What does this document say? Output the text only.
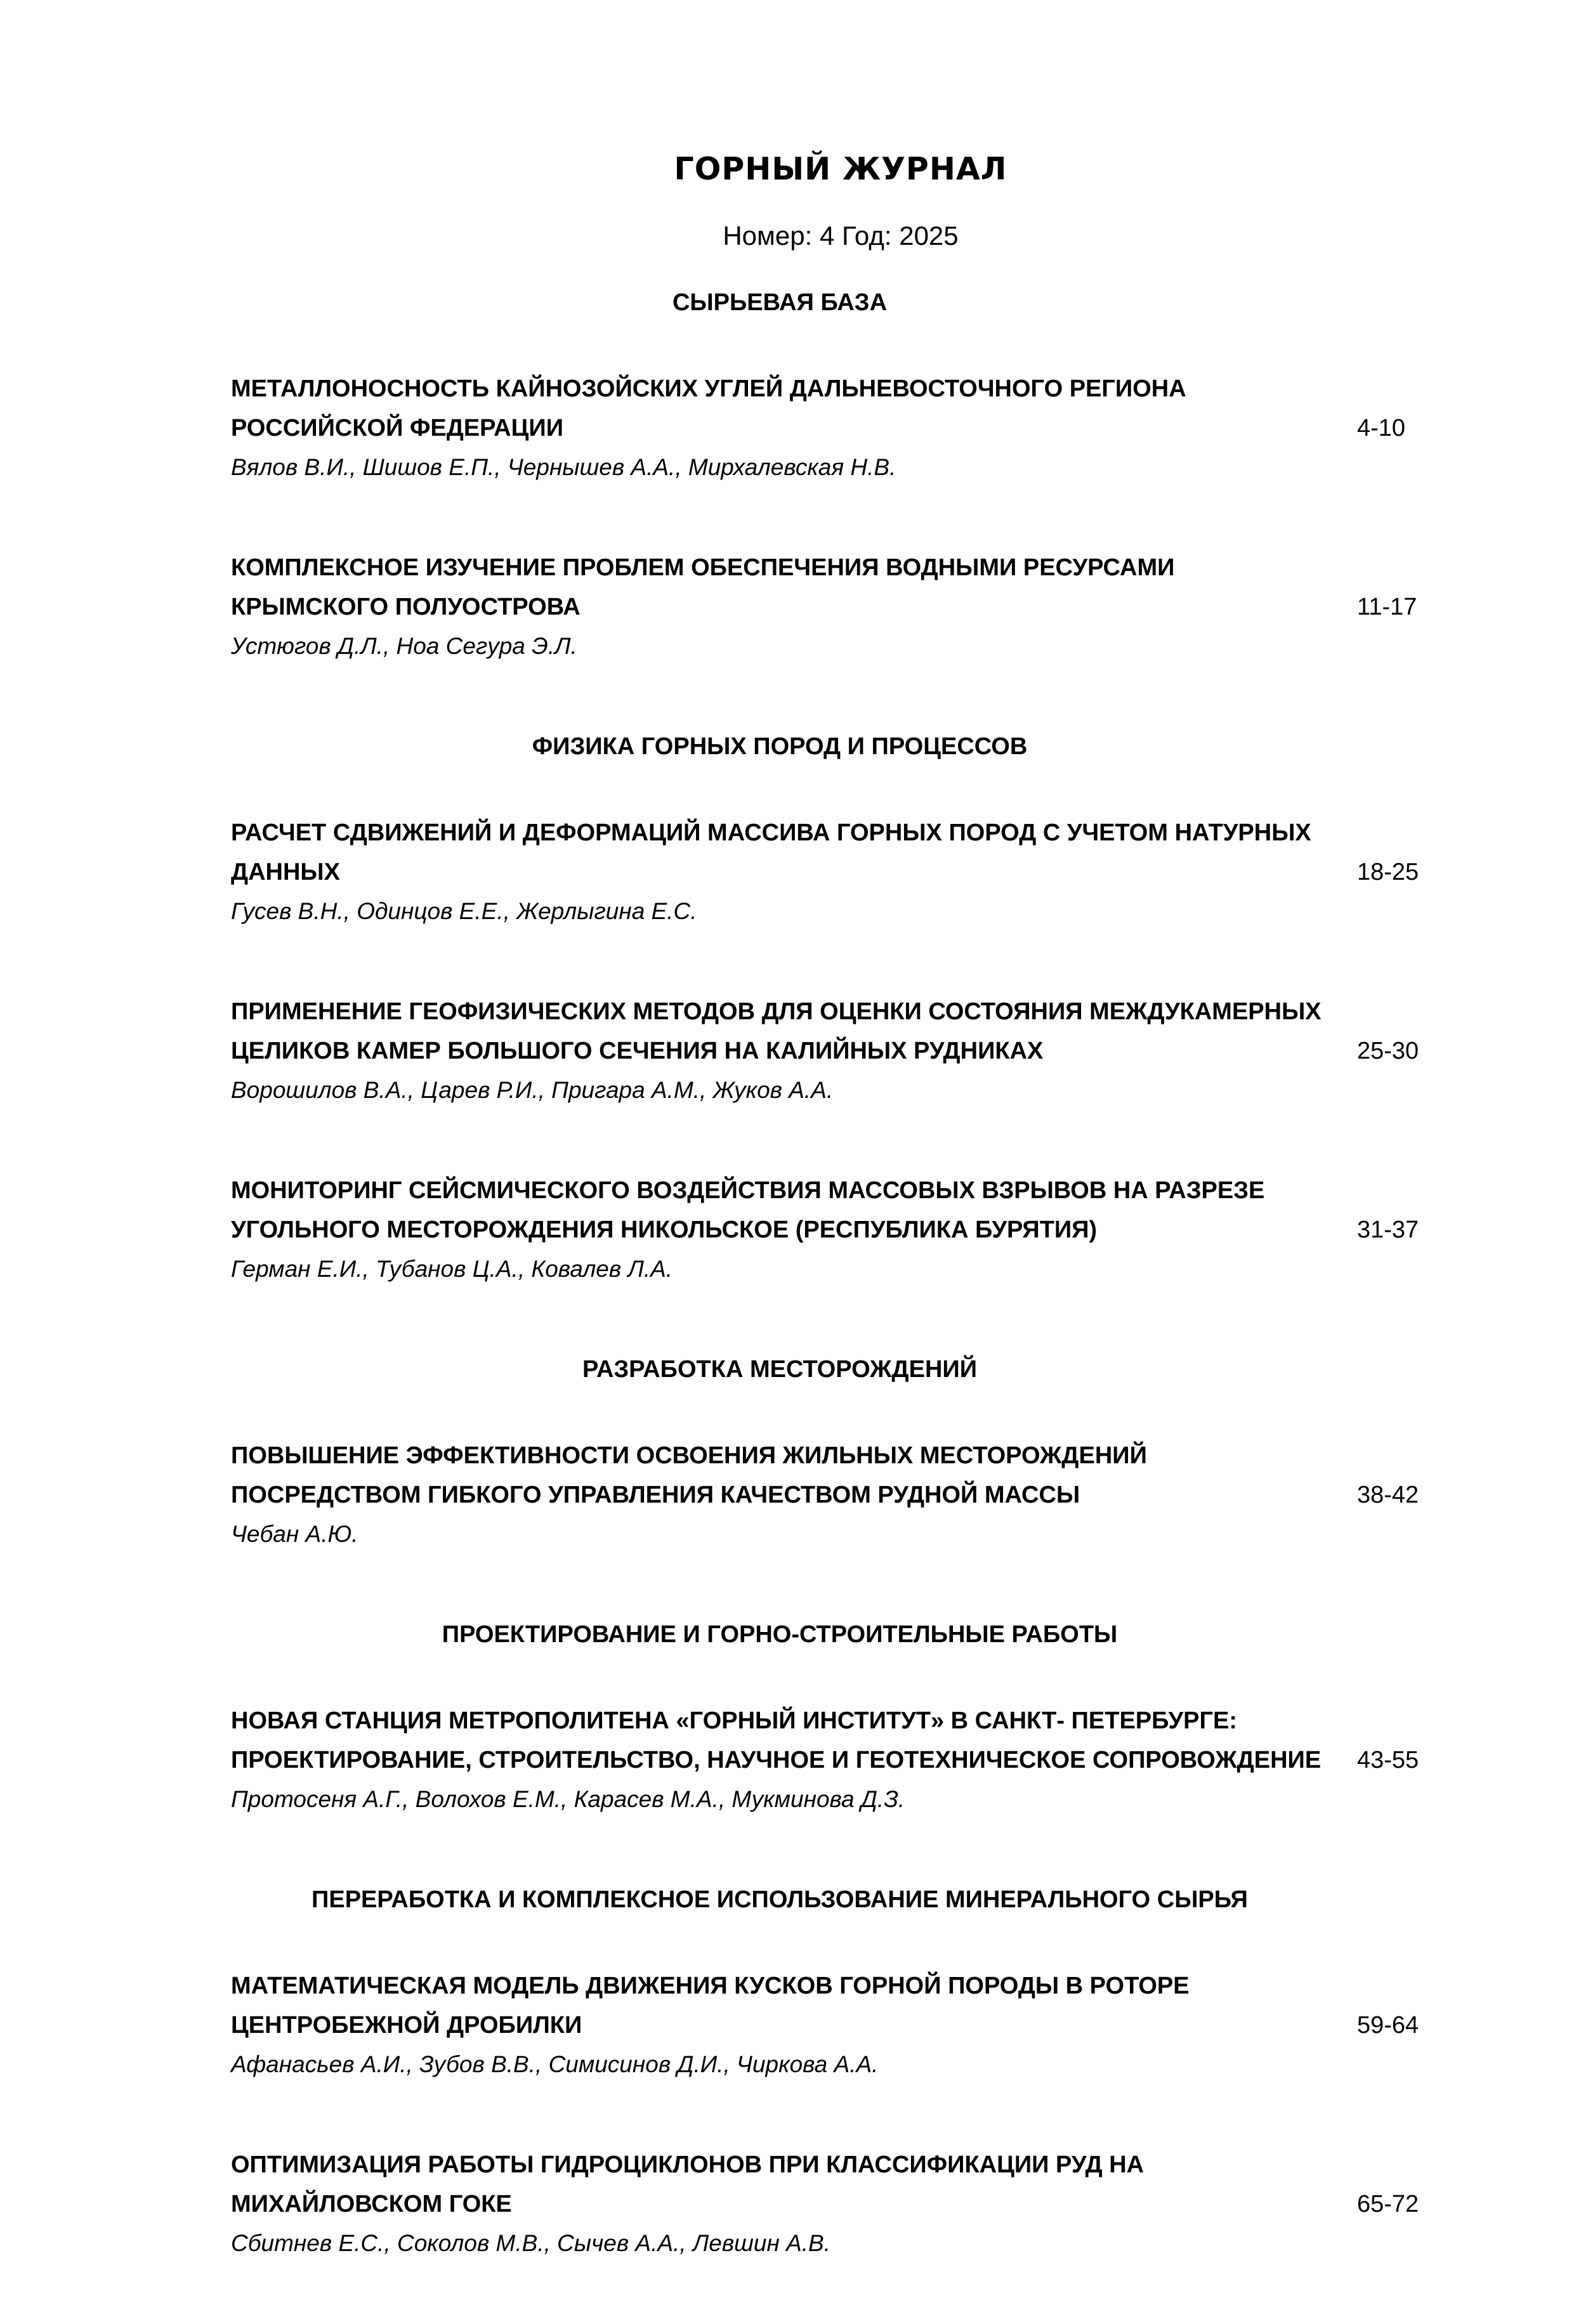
ГОРНЫЙ ЖУРНАЛ
Номер: 4 Год: 2025
СЫРЬЕВАЯ БАЗА
МЕТАЛЛОНОСНОСТЬ КАЙНОЗОЙСКИХ УГЛЕЙ ДАЛЬНЕВОСТОЧНОГО РЕГИОНА РОССИЙСКОЙ ФЕДЕРАЦИИ	4-10
Вялов В.И., Шишов Е.П., Чернышев А.А., Мирхалевская Н.В.
КОМПЛЕКСНОЕ ИЗУЧЕНИЕ ПРОБЛЕМ ОБЕСПЕЧЕНИЯ ВОДНЫМИ РЕСУРСАМИ КРЫМСКОГО ПОЛУОСТРОВА	11-17
Устюгов Д.Л., Ноа Сегура Э.Л.
ФИЗИКА ГОРНЫХ ПОРОД И ПРОЦЕССОВ
РАСЧЕТ СДВИЖЕНИЙ И ДЕФОРМАЦИЙ МАССИВА ГОРНЫХ ПОРОД С УЧЕТОМ НАТУРНЫХ ДАННЫХ	18-25
Гусев В.Н., Одинцов Е.Е., Жерлыгина Е.С.
ПРИМЕНЕНИЕ ГЕОФИЗИЧЕСКИХ МЕТОДОВ ДЛЯ ОЦЕНКИ СОСТОЯНИЯ МЕЖДУКАМЕРНЫХ ЦЕЛИКОВ КАМЕР БОЛЬШОГО СЕЧЕНИЯ НА КАЛИЙНЫХ РУДНИКАХ	25-30
Ворошилов В.А., Царев Р.И., Пригара А.М., Жуков А.А.
МОНИТОРИНГ СЕЙСМИЧЕСКОГО ВОЗДЕЙСТВИЯ МАССОВЫХ ВЗРЫВОВ НА РАЗРЕЗЕ УГОЛЬНОГО МЕСТОРОЖДЕНИЯ НИКОЛЬСКОЕ (РЕСПУБЛИКА БУРЯТИЯ)	31-37
Герман Е.И., Тубанов Ц.А., Ковалев Л.А.
РАЗРАБОТКА МЕСТОРОЖДЕНИЙ
ПОВЫШЕНИЕ ЭФФЕКТИВНОСТИ ОСВОЕНИЯ ЖИЛЬНЫХ МЕСТОРОЖДЕНИЙ ПОСРЕДСТВОМ ГИБКОГО УПРАВЛЕНИЯ КАЧЕСТВОМ РУДНОЙ МАССЫ	38-42
Чебан А.Ю.
ПРОЕКТИРОВАНИЕ И ГОРНО-СТРОИТЕЛЬНЫЕ РАБОТЫ
НОВАЯ СТАНЦИЯ МЕТРОПОЛИТЕНА «ГОРНЫЙ ИНСТИТУТ» В САНКТ- ПЕТЕРБУРГЕ: ПРОЕКТИРОВАНИЕ, СТРОИТЕЛЬСТВО, НАУЧНОЕ И ГЕОТЕХНИЧЕСКОЕ СОПРОВОЖДЕНИЕ 43-55
Протосеня А.Г., Волохов Е.М., Карасев М.А., Мукминова Д.З.
ПЕРЕРАБОТКА И КОМПЛЕКСНОЕ ИСПОЛЬЗОВАНИЕ МИНЕРАЛЬНОГО СЫРЬЯ
МАТЕМАТИЧЕСКАЯ МОДЕЛЬ ДВИЖЕНИЯ КУСКОВ ГОРНОЙ ПОРОДЫ В РОТОРЕ ЦЕНТРОБЕЖНОЙ ДРОБИЛКИ	59-64
Афанасьев А.И., Зубов В.В., Симисинов Д.И., Чиркова А.А.
ОПТИМИЗАЦИЯ РАБОТЫ ГИДРОЦИКЛОНОВ ПРИ КЛАССИФИКАЦИИ РУД НА МИХАЙЛОВСКОМ ГОКЕ	65-72
Сбитнев Е.С., Соколов М.В., Сычев А.А., Левшин А.В.
